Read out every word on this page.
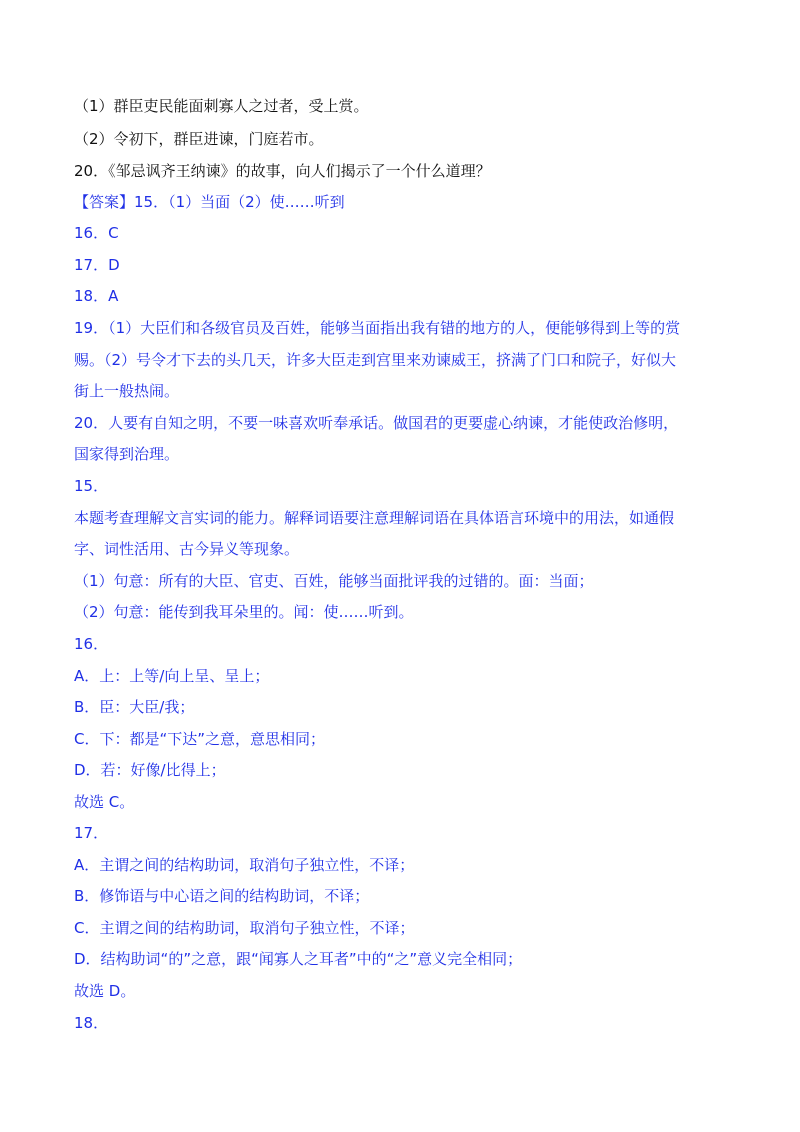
（1）群臣吏民能面刺寡人之过者，受上赏。
（2）令初下，群臣进谏，门庭若市。
20．《邹忌讽齐王纳谏》的故事，向人们揭示了一个什么道理？
【答案】15．（1）当面（2）使……听到
16．C
17．D
18．A
19．（1）大臣们和各级官员及百姓，能够当面指出我有错的地方的人，便能够得到上等的赏
赐。（2）号令才下去的头几天，许多大臣走到宫里来劝谏威王，挤满了门口和院子，好似大
街上一般热闹。
20．人要有自知之明，不要一味喜欢听奉承话。做国君的更要虚心纳谏，才能使政治修明，
国家得到治理。
15．
本题考查理解文言实词的能力。解释词语要注意理解词语在具体语言环境中的用法，如通假
字、词性活用、古今异义等现象。
（1）句意：所有的大臣、官吏、百姓，能够当面批评我的过错的。面：当面；
（2）句意：能传到我耳朵里的。闻：使……听到。
16．
A．上：上等/向上呈、呈上；
B．臣：大臣/我；
C．下：都是“下达”之意，意思相同；
D．若：好像/比得上；
故选 C。
17．
A．主谓之间的结构助词，取消句子独立性，不译；
B．修饰语与中心语之间的结构助词，不译；
C．主谓之间的结构助词，取消句子独立性，不译；
D．结构助词“的”之意，跟“闻寡人之耳者”中的“之”意义完全相同；
故选 D。
18．
